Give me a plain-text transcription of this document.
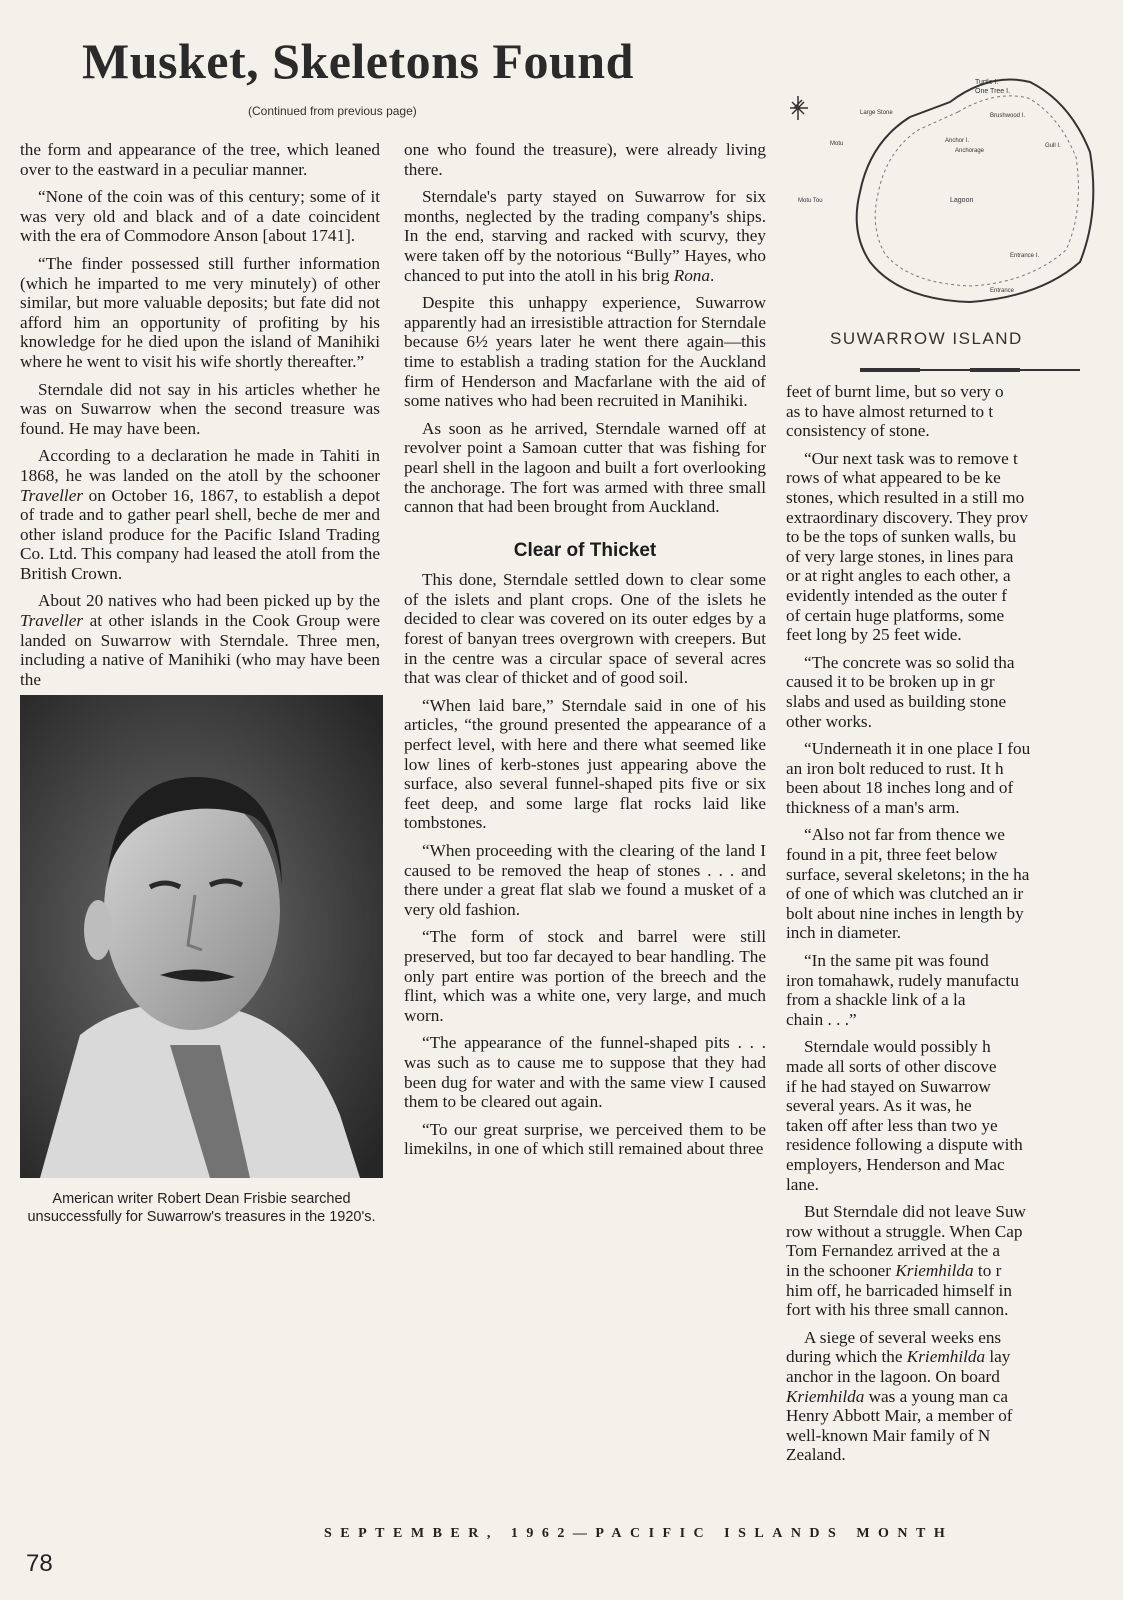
Musket, Skeletons Found
(Continued from previous page)

the form and appearance of the tree, which leaned over to the eastward in a peculiar manner.

“None of the coin was of this century; some of it was very old and black and of a date coincident with the era of Commodore Anson [about 1741].

“The finder possessed still further information (which he imparted to me very minutely) of other similar, but more valuable deposits; but fate did not afford him an opportunity of profiting by his knowledge for he died upon the island of Manihiki where he went to visit his wife shortly thereafter.”

Sterndale did not say in his articles whether he was on Suwarrow when the second treasure was found. He may have been.

According to a declaration he made in Tahiti in 1868, he was landed on the atoll by the schooner Traveller on October 16, 1867, to establish a depot of trade and to gather pearl shell, beche de mer and other island produce for the Pacific Island Trading Co. Ltd. This company had leased the atoll from the British Crown.

About 20 natives who had been picked up by the Traveller at other islands in the Cook Group were landed on Suwarrow with Sterndale. Three men, including a native of Manihiki (who may have been the

American writer Robert Dean Frisbie searched unsuccessfully for Suwarrow's treasures in the 1920's.

one who found the treasure), were already living there.

Sterndale's party stayed on Suwarrow for six months, neglected by the trading company's ships. In the end, starving and racked with scurvy, they were taken off by the notorious “Bully” Hayes, who chanced to put into the atoll in his brig Rona.

Despite this unhappy experience, Suwarrow apparently had an irresistible attraction for Sterndale because 6½ years later he went there again—this time to establish a trading station for the Auckland firm of Henderson and Macfarlane with the aid of some natives who had been recruited in Manihiki.

As soon as he arrived, Sterndale warned off at revolver point a Samoan cutter that was fishing for pearl shell in the lagoon and built a fort overlooking the anchorage. The fort was armed with three small cannon that had been brought from Auckland.

Clear of Thicket

This done, Sterndale settled down to clear some of the islets and plant crops. One of the islets he decided to clear was covered on its outer edges by a forest of banyan trees overgrown with creepers. But in the centre was a circular space of several acres that was clear of thicket and of good soil.

“When laid bare,” Sterndale said in one of his articles, “the ground presented the appearance of a perfect level, with here and there what seemed like low lines of kerb-stones just appearing above the surface, also several funnel-shaped pits five or six feet deep, and some large flat rocks laid like tombstones.

“When proceeding with the clearing of the land I caused to be removed the heap of stones . . . and there under a great flat slab we found a musket of a very old fashion.

“The form of stock and barrel were still preserved, but too far decayed to bear handling. The only part entire was portion of the breech and the flint, which was a white one, very large, and much worn.

“The appearance of the funnel-shaped pits . . . was such as to cause me to suppose that they had been dug for water and with the same view I caused them to be cleared out again.

“To our great surprise, we perceived them to be limekilns, in one of which still remained about three

Turtle I.
One Tree I.
Large Stone	Brushwood I.
Motu	Anchor I.
Anchorage
Gull I.
Lagoon
Entrance I.
Motu Tou
Entrance
SUWARROW ISLAND

feet of burnt lime, but so very o
as to have almost returned to t
consistency of stone.

“Our next task was to remove t
rows of what appeared to be ke
stones, which resulted in a still mo
extraordinary discovery. They prov
to be the tops of sunken walls, bu
of very large stones, in lines para
or at right angles to each other, a
evidently intended as the outer f
of certain huge platforms, some
feet long by 25 feet wide.

“The concrete was so solid tha
caused it to be broken up in gr
slabs and used as building stone
other works.

“Underneath it in one place I fou
an iron bolt reduced to rust. It h
been about 18 inches long and of
thickness of a man's arm.

“Also not far from thence we
found in a pit, three feet below
surface, several skeletons; in the ha
of one of which was clutched an ir
bolt about nine inches in length by
inch in diameter.

“In the same pit was found
iron tomahawk, rudely manufactu
from a shackle link of a la
chain . . .”

Sterndale would possibly h
made all sorts of other discove
if he had stayed on Suwarrow
several years. As it was, he
taken off after less than two ye
residence following a dispute with
employers, Henderson and Mac
lane.

But Sterndale did not leave Suw
row without a struggle. When Cap
Tom Fernandez arrived at the a
in the schooner Kriemhilda to r
him off, he barricaded himself in
fort with his three small cannon.

A siege of several weeks ens
during which the Kriemhilda lay
anchor in the lagoon. On board
Kriemhilda was a young man ca
Henry Abbott Mair, a member of
well-known Mair family of N
Zealand.

78
SEPTEMBER, 1962—PACIFIC ISLANDS MONTH
